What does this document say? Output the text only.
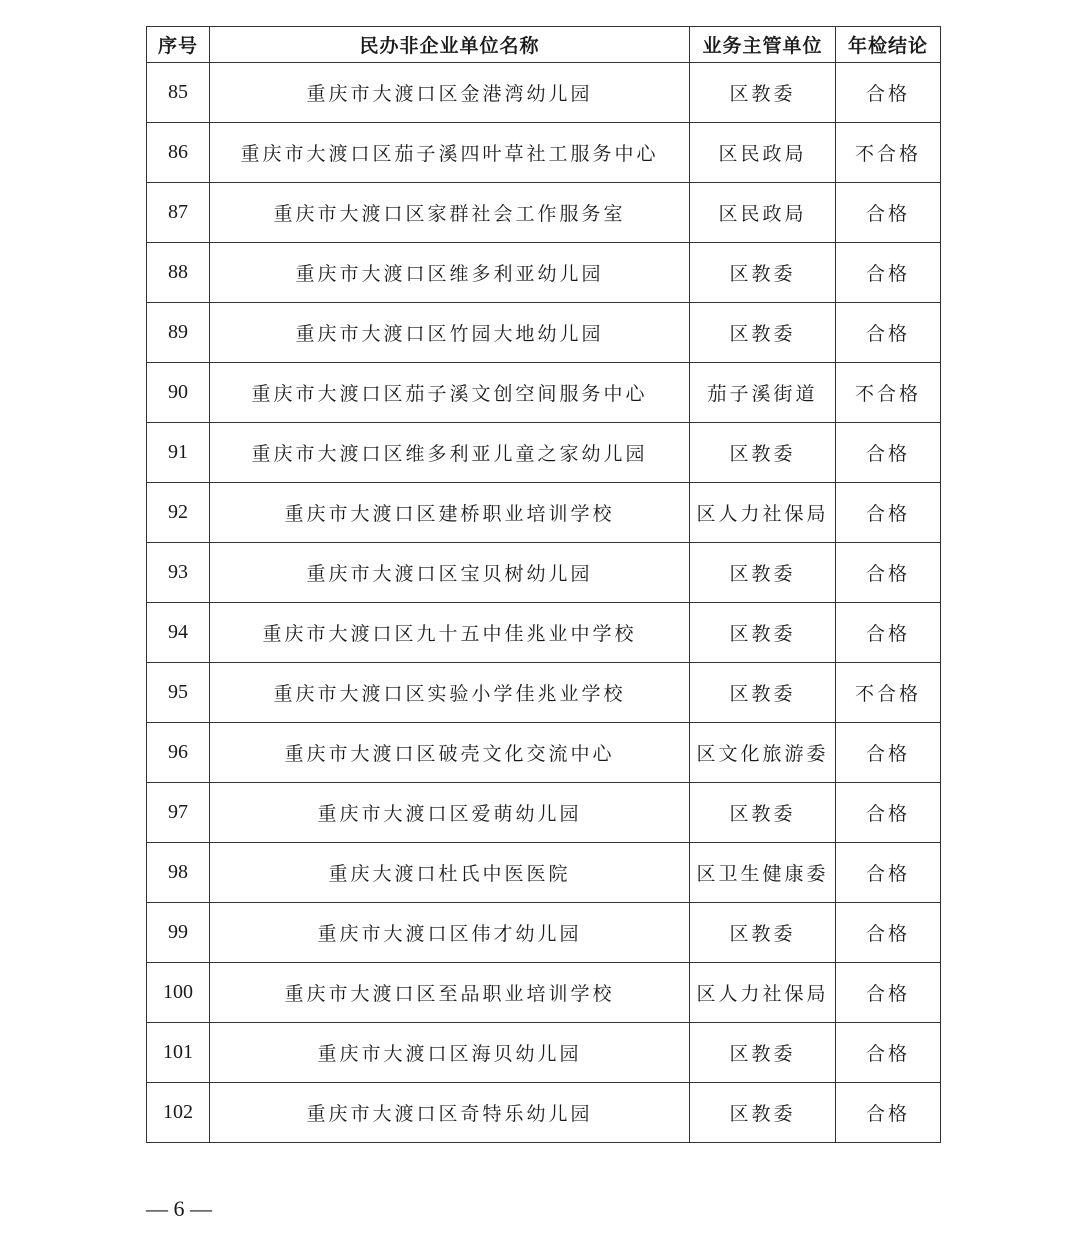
序号	民办非企业单位名称	业务主管单位	年检结论
85	重庆市大渡口区金港湾幼儿园	区教委	合格
86	重庆市大渡口区茄子溪四叶草社工服务中心	区民政局	不合格
87	重庆市大渡口区家群社会工作服务室	区民政局	合格
88	重庆市大渡口区维多利亚幼儿园	区教委	合格
89	重庆市大渡口区竹园大地幼儿园	区教委	合格
90	重庆市大渡口区茄子溪文创空间服务中心	茄子溪街道	不合格
91	重庆市大渡口区维多利亚儿童之家幼儿园	区教委	合格
92	重庆市大渡口区建桥职业培训学校	区人力社保局	合格
93	重庆市大渡口区宝贝树幼儿园	区教委	合格
94	重庆市大渡口区九十五中佳兆业中学校	区教委	合格
95	重庆市大渡口区实验小学佳兆业学校	区教委	不合格
96	重庆市大渡口区破壳文化交流中心	区文化旅游委	合格
97	重庆市大渡口区爱萌幼儿园	区教委	合格
98	重庆大渡口杜氏中医医院	区卫生健康委	合格
99	重庆市大渡口区伟才幼儿园	区教委	合格
100	重庆市大渡口区至品职业培训学校	区人力社保局	合格
101	重庆市大渡口区海贝幼儿园	区教委	合格
102	重庆市大渡口区奇特乐幼儿园	区教委	合格
— 6 —
